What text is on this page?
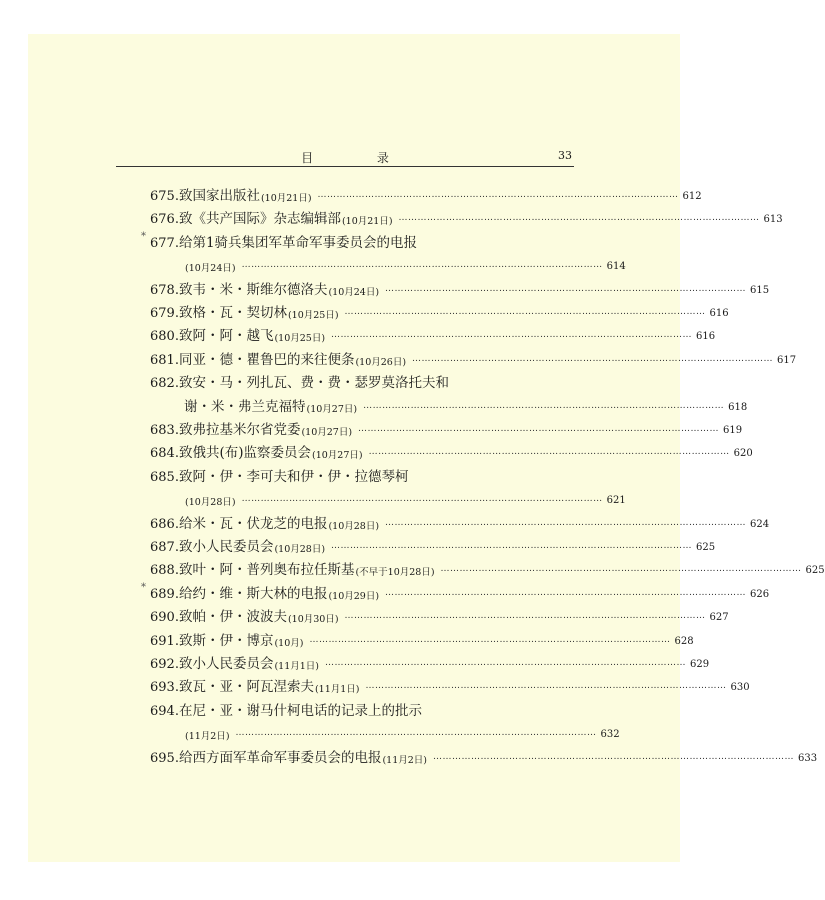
目 录	33
675. 致国家出版社 (10月21日) …………………………………………………………………………………………………… 612
676. 致《共产国际》杂志编辑部 (10月21日) …………………………………………………………………………………………………… 613
* 677. 给第1骑兵集团军革命军事委员会的电报
(10月24日) …………………………………………………………………………………………………… 614
678. 致韦・米・斯维尔德洛夫 (10月24日) …………………………………………………………………………………………………… 615
679. 致格・瓦・契切林 (10月25日) …………………………………………………………………………………………………… 616
680. 致阿・阿・越飞 (10月25日) …………………………………………………………………………………………………… 616
681. 同亚・德・瞿鲁巴的来往便条 (10月26日) …………………………………………………………………………………………………… 617
682. 致安・马・列扎瓦、费・费・瑟罗莫洛托夫和
谢・米・弗兰克福特 (10月27日) …………………………………………………………………………………………………… 618
683. 致弗拉基米尔省党委 (10月27日) …………………………………………………………………………………………………… 619
684. 致俄共(布)监察委员会 (10月27日) …………………………………………………………………………………………………… 620
685. 致阿・伊・李可夫和伊・伊・拉德琴柯
(10月28日) …………………………………………………………………………………………………… 621
686. 给米・瓦・伏龙芝的电报 (10月28日) …………………………………………………………………………………………………… 624
687. 致小人民委员会 (10月28日) …………………………………………………………………………………………………… 625
688. 致叶・阿・普列奥布拉任斯基 (不早于10月28日) …………………………………………………………………………………………………… 625
* 689. 给约・维・斯大林的电报 (10月29日) …………………………………………………………………………………………………… 626
690. 致帕・伊・波波夫 (10月30日) …………………………………………………………………………………………………… 627
691. 致斯・伊・博京 (10月) …………………………………………………………………………………………………… 628
692. 致小人民委员会 (11月1日) …………………………………………………………………………………………………… 629
693. 致瓦・亚・阿瓦涅索夫 (11月1日) …………………………………………………………………………………………………… 630
694. 在尼・亚・谢马什柯电话的记录上的批示
(11月2日) …………………………………………………………………………………………………… 632
695. 给西方面军革命军事委员会的电报 (11月2日) …………………………………………………………………………………………………… 633
